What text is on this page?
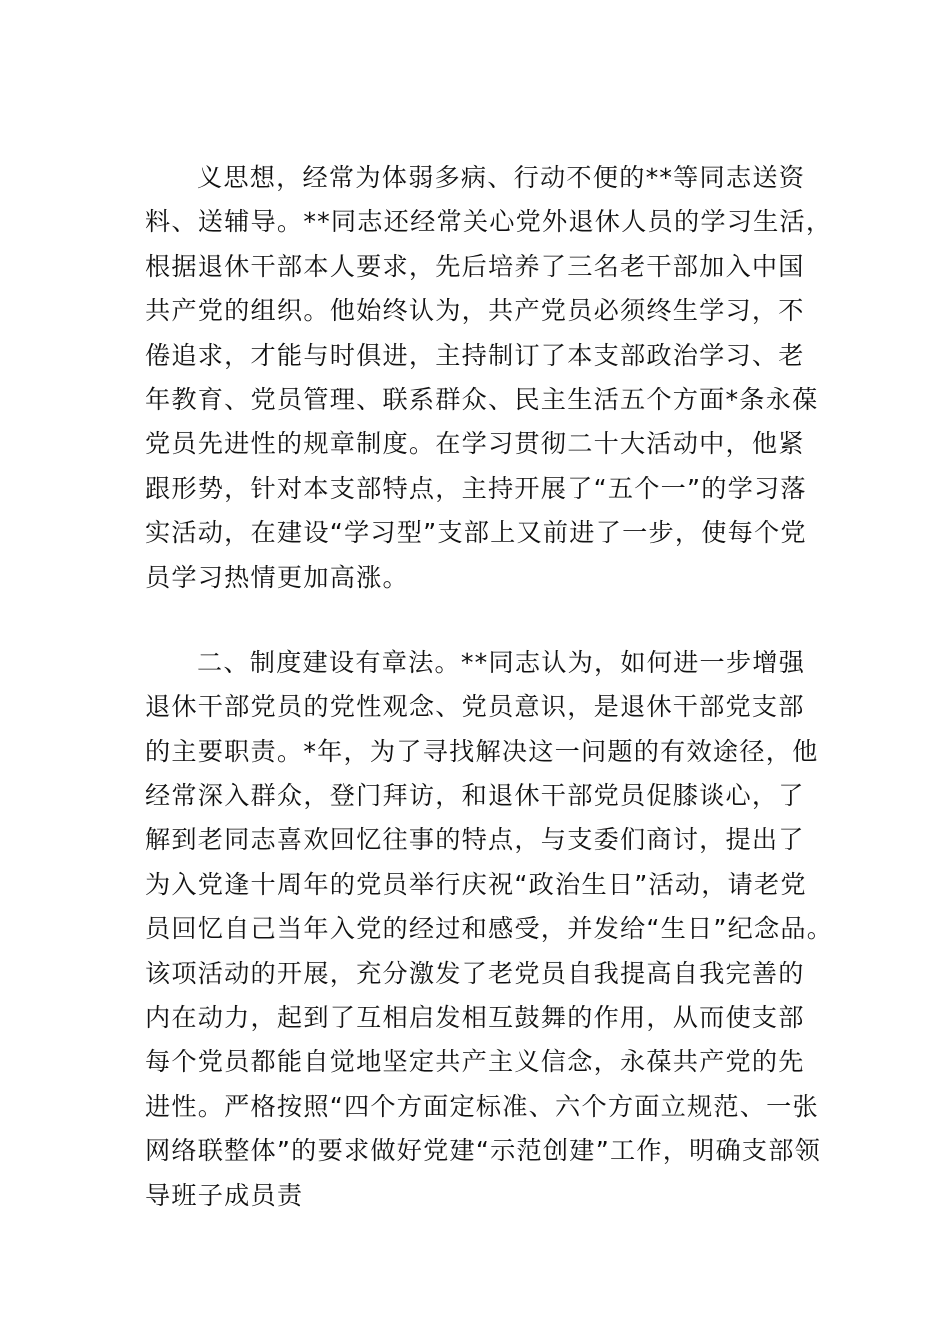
义思想，经常为体弱多病、行动不便的**等同志送资
料、送辅导。**同志还经常关心党外退休人员的学习生活，
根据退休干部本人要求，先后培养了三名老干部加入中国
共产党的组织。他始终认为，共产党员必须终生学习，不
倦追求，才能与时俱进，主持制订了本支部政治学习、老
年教育、党员管理、联系群众、民主生活五个方面*条永葆
党员先进性的规章制度。在学习贯彻二十大活动中，他紧
跟形势，针对本支部特点，主持开展了“五个一”的学习落
实活动，在建设“学习型”支部上又前进了一步，使每个党
员学习热情更加高涨。
二、制度建设有章法。**同志认为，如何进一步增强
退休干部党员的党性观念、党员意识，是退休干部党支部
的主要职责。*年，为了寻找解决这一问题的有效途径，他
经常深入群众，登门拜访，和退休干部党员促膝谈心，了
解到老同志喜欢回忆往事的特点，与支委们商讨，提出了
为入党逢十周年的党员举行庆祝“政治生日”活动，请老党
员回忆自己当年入党的经过和感受，并发给“生日”纪念品。
该项活动的开展，充分激发了老党员自我提高自我完善的
内在动力，起到了互相启发相互鼓舞的作用，从而使支部
每个党员都能自觉地坚定共产主义信念，永葆共产党的先
进性。严格按照“四个方面定标准、六个方面立规范、一张
网络联整体”的要求做好党建“示范创建”工作，明确支部领
导班子成员责
